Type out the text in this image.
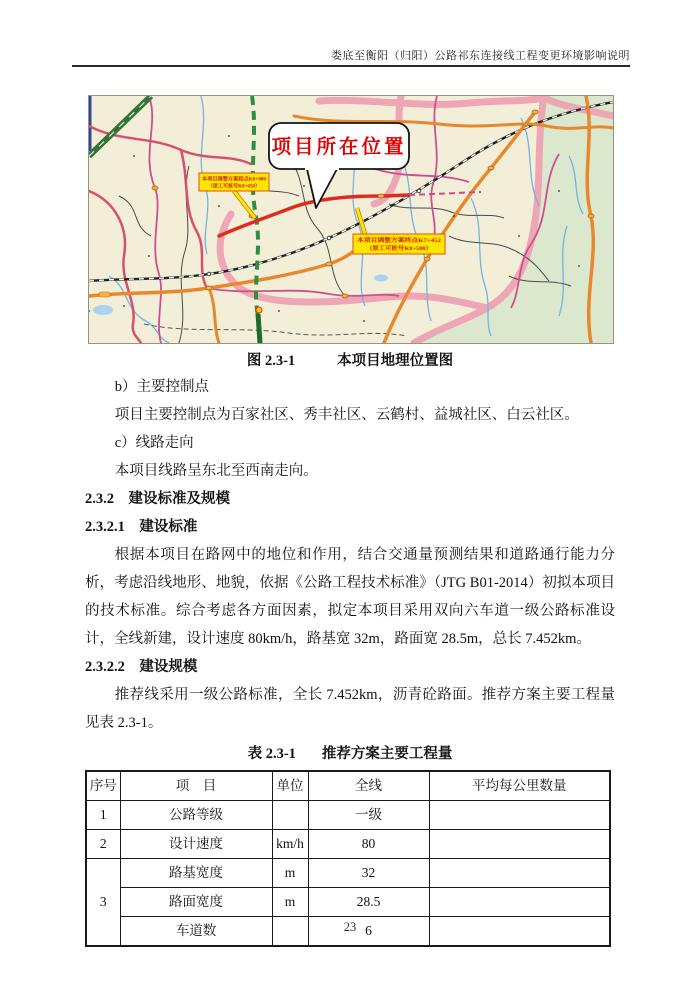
娄底至衡阳（归阳）公路祁东连接线工程变更环境影响说明
本项目调整方案起点K0+000
（原工可桩号K0+450）
本项目调整方案终点K7+452
（原工可桩号K8+500）
项目所在位置
图 2.3-1	本项目地理位置图

b）主要控制点

项目主要控制点为百家社区、秀丰社区、云鹤村、益城社区、白云社区。

c）线路走向

本项目线路呈东北至西南走向。

2.3.2　建设标准及规模

2.3.2.1　建设标准

根据本项目在路网中的地位和作用，结合交通量预测结果和道路通行能力分析，考虑沿线地形、地貌，依据《公路工程技术标准》（JTG B01-2014）初拟本项目的技术标准。综合考虑各方面因素，拟定本项目采用双向六车道一级公路标准设计，全线新建，设计速度 80km/h，路基宽 32m，路面宽 28.5m，总长 7.452km。

2.3.2.2　建设规模

推荐线采用一级公路标准，全长 7.452km，沥青砼路面。推荐方案主要工程量见表 2.3-1。

表 2.3-1 推荐方案主要工程量
序号	项　目	单位	全线	平均每公里数量
1	公路等级		一级	
2	设计速度	km/h	80	
3	路基宽度	m	32	
	路面宽度	m	28.5	
	车道数		6	
23
